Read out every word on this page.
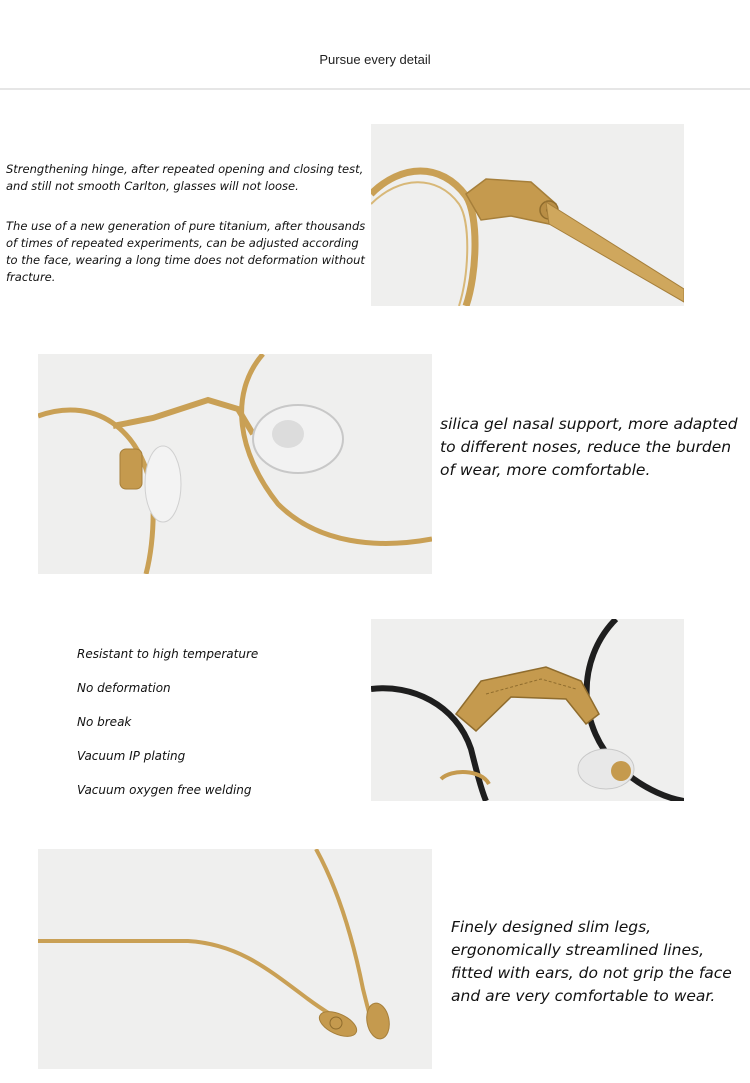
Pursue every detail
Strengthening hinge, after repeated opening and closing test, and still not smooth Carlton, glasses will not loose.
The use of a new generation of pure titanium, after thousands of times of repeated experiments, can be adjusted according to the face, wearing a long time does not deformation without fracture.
silica gel nasal support, more adapted to different noses, reduce the burden of wear, more comfortable.
Resistant to high temperature
No deformation
No break
Vacuum IP plating
Vacuum oxygen free welding
Finely designed slim legs, ergonomically streamlined lines, fitted with ears, do not grip the face and are very comfortable to wear.
